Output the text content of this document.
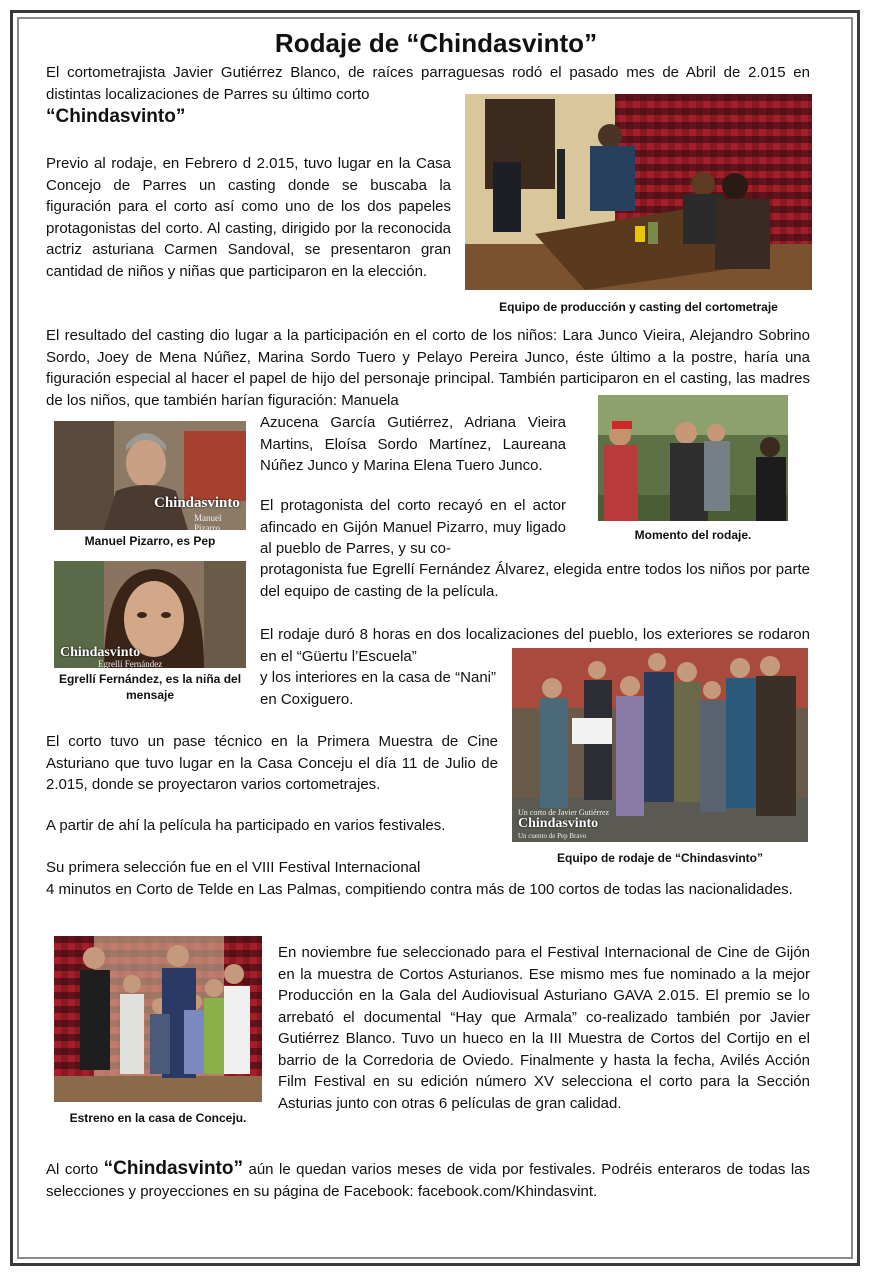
Rodaje de “Chindasvinto”

El cortometrajista Javier Gutiérrez Blanco, de raíces parraguesas rodó el pasado mes de Abril de 2.015 en distintas localizaciones de Parres su último corto

“Chindasvinto”
Equipo de producción y casting del cortometraje

Previo al rodaje, en Febrero d 2.015, tuvo lugar en la Casa Concejo de Parres un casting donde se buscaba la figuración para el corto así como uno de los dos papeles protagonistas del corto. Al casting, dirigido por la reconocida actriz asturiana Carmen Sandoval, se presentaron gran cantidad de niños y niñas que participaron en la elección.

El resultado del casting dio lugar a la participación en el corto de los niños: Lara Junco Vieira, Alejandro Sobrino Sordo, Joey de Mena Núñez, Marina Sordo Tuero y Pelayo Pereira Junco, éste último a la postre, haría una figuración especial al hacer el papel de hijo del personaje principal. También participaron en el casting, las madres de los niños, que también harían figuración: Manuela

Chindasvinto
Manuel Pizarro
Manuel Pizarro, es Pep

Azucena García Gutiérrez, Adriana Vieira Martins, Eloísa Sordo Martínez, Laureana Núñez Junco y Marina Elena Tuero Junco.

Momento del rodaje.

El protagonista del corto recayó en el actor afincado en Gijón Manuel Pizarro, muy ligado al pueblo de Parres, y su co-

protagonista fue Egrellí Fernández Álvarez, elegida entre todos los niños por parte del equipo de casting de la película.

Chindasvinto
Egrellí Fernández
Egrellí Fernández, es la niña del mensaje

El rodaje duró 8 horas en dos localizaciones del pueblo, los exteriores se rodaron en el “Güertu l’Escuela”

y los interiores en la casa de “Nani” en Coxiguero.

Un corto de Javier Gutiérrez
Chindasvinto
Un cuento de Pep Bravo
Equipo de rodaje de “Chindasvinto”

El corto tuvo un pase técnico en la Primera Muestra de Cine Asturiano que tuvo lugar en la Casa Conceju el día 11 de Julio de 2.015, donde se proyectaron varios cortometrajes.

A partir de ahí la película ha participado en varios festivales.

Su primera selección fue en el VIII Festival Internacional

4 minutos en Corto de Telde en Las Palmas, compitiendo contra más de 100 cortos de todas las nacionalidades.

Estreno en la casa de Conceju.

En noviembre fue seleccionado para el Festival Internacional de Cine de Gijón en la muestra de Cortos Asturianos. Ese mismo mes fue nominado a la mejor Producción en la Gala del Audiovisual Asturiano GAVA 2.015. El premio se lo arrebató el documental “Hay que Armala” co-realizado también por Javier Gutiérrez Blanco. Tuvo un hueco en la III Muestra de Cortos del Cortijo en el barrio de la Corredoria de Oviedo. Finalmente y hasta la fecha, Avilés Acción Film Festival en su edición número XV selecciona el corto para la Sección Asturias junto con otras 6 películas de gran calidad.

Al corto “Chindasvinto” aún le quedan varios meses de vida por festivales. Podréis enteraros de todas las selecciones y proyecciones en su página de Facebook: facebook.com/Khindasvint.
